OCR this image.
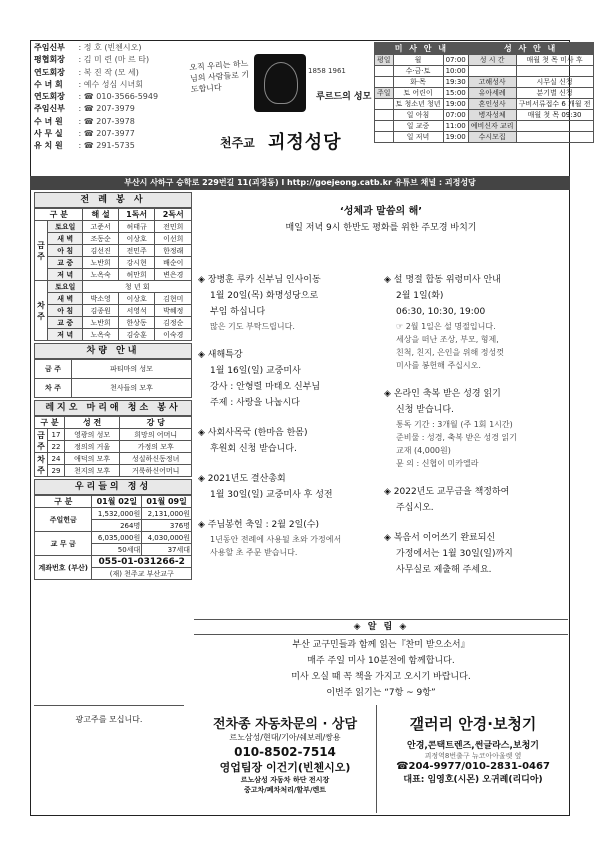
주임신부 : 정 호 (빈첸시오)
평협회장 : 김 미 련 (마 르 타)
연도회장 : 복 진 작 (모 세)
수 녀 회 : 예수 성심 시녀회
연도회장 : ☎ 010-3566-5949
주임신부 : ☎ 207-3979
수 녀 원 : ☎ 207-3978
사 무 실 : ☎ 207-3977
유 치 원 : ☎ 291-5735
오직 우리는 하느님의 사람들로 기도합니다
1858 1961
루르드의 성모
천주교 괴정성당
미 사 안 내			성 사 안 내	
평일	월	07:00	성 시 간	매월 첫 목 미사 후
	수·금·토	10:00		
	화·목	19:30	고해성사	시무실 신청
주일	토 어린이	15:00	유아세례	분기별 신청
	토 청소년 청년	19:00	혼인성사	구비서류접수 6 개월 전
	일 아침	07:00	병자성체	매월 첫 목 09:30
	일 교중	11:00	예비신자 교리	
	일 저녁	19:00	수시모집	
부산시 사하구 승학로 229번길 11(괴정동) l http://goejeong.catb.kr 유튜브 채널 : 괴정성당
전 례 봉 사
구 분		해 설	1독서	2독서
금주	토요일	고준서	허태규	전민희
	새 벽	조동순	이상호	이선희
	아 침	김선진	전민주	한정래
	교 중	노반희	강시현	배순이
	저 녁	노옥숙	허만희	변은경
차주	토요일	청 년 회		
	새 벽	박소영	이상호	김현미
	아 침	김종원	서영석	박혜정
	교 중	노반희	한상동	김정순
	저 녁	노옥숙	김승훈	이숙경
차량 안내
금 주	파티마의 성모
차 주	천사들의 모후
레지오 마리애 청소 봉사
구 분		성 전	강 당
금주	17	영광의 성모	희망의 어머니
	22	정의의 거울	가정의 모후
차주	24	애덕의 모후	성실하신동정녀
	29	천지의 모후	거룩하신어머니
우리들의 정성
구 분	01월 02일	01월 09일
주일헌금	1,532,000원	2,131,000원
	264명	376명
교 무 금	6,035,000원	4,030,000원
	50세대	37세대
계좌번호 (부산)	055-01-031266-2	
	(재) 천주교 부산교구	
‘성체과 말씀의 해’
매일 저녁 9시 한반도 평화를 위한 주모경 바치기
◈ 장병훈 루카 신부님 인사이동
1월 20일(목) 화명성당으로
부임 하십니다
많은 기도 부탁드립니다.
◈ 새해특강
1월 16일(일) 교중미사
강사 : 안형렬 마태오 신부님
주제 : 사랑을 나눕시다
◈ 사회사목국 (한마음 한몸)
후원회 신청 받습니다.
◈ 2021년도 결산총회
1월 30일(일) 교중미사 후 성전
◈ 주님봉헌 축일 : 2월 2일(수)
1년동안 전례에 사용될 초와 가정에서
사용할 초 주문 받습니다.
◈ 설 명절 합동 위령미사 안내
2월 1일(화)
06:30, 10:30, 19:00
☞ 2월 1일은 설 명절입니다.
세상을 떠난 조상, 부모, 형제,
친척, 친지, 은인을 위해 정성껏
미사를 봉헌해 주십시오.
◈ 온라인 축복 받은 성경 읽기
신청 받습니다.
통독 기간 : 3개월 (주 1회 1시간)
준비물 : 성경, 축복 받은 성경 읽기
교재 (4,000원)
문 의 : 신협이 미카엘라
◈ 2022년도 교무금을 책정하여
주십시오.
◈ 복음서 이어쓰기 완료되신
가정에서는 1월 30일(일)까지
사무실로 제출해 주세요.
◈ 알 림 ◈
부산 교구민들과 함께 읽는『찬미 받으소서』
매주 주일 미사 10분전에 함께합니다.
미사 오실 때 꼭 책을 가지고 오시기 바랍니다.
이번주 읽기는 “7항 ~ 9항”
광고주를 모십니다.	전차종 자동차문의 · 상담
르노삼성/현대/기아/쉐보레/쌍용
010-8502-7514
영업팀장 이건기(빈첸시오)
르노삼성 자동차 하단 전시장
중고차/폐차처리/할부/렌트
갤러리 안경·보청기
안경,콘택트렌즈,썬글라스,보청기
괴정역8번출구 뉴코아아울렛 옆
☎204-9977/010-2831-0467
대표: 임영호(시몬) 오귀례(리디아)
